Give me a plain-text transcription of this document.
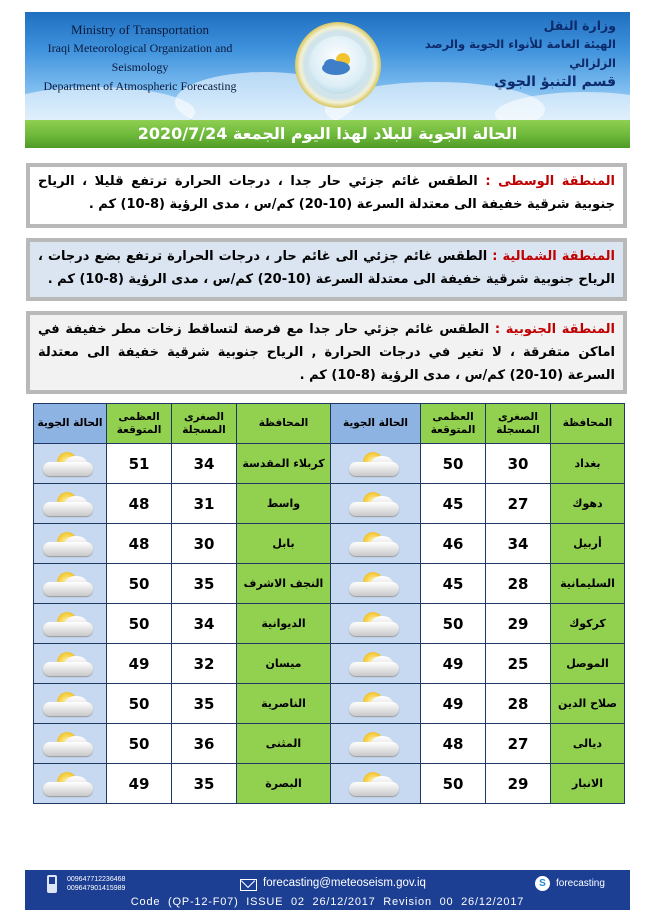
Ministry of Transportation
Iraqi Meteorological Organization and Seismology
Department of Atmospheric Forecasting
وزارة النقل
الهيئة العامة للأنواء الجوية والرصد الزلزالي
قسم التنبؤ الجوي
الحالة الجوية للبلاد لهذا اليوم الجمعة 2020/7/24
المنطقة الوسطى : الطقس غائم جزئي حار جدا ، درجات الحرارة ترتفع قليلا ، الرياح جنوبية شرقية خفيفة الى معتدلة السرعة (10-20) كم/س ، مدى الرؤية (8-10) كم .
المنطقة الشمالية : الطقس غائم جزئي الى غائم حار ، درجات الحرارة ترتفع بضع درجات ، الرياح جنوبية شرقية خفيفة الى معتدلة السرعة (10-20) كم/س ، مدى الرؤية (8-10) كم .
المنطقة الجنوبية : الطقس غائم جزئي حار جدا مع فرصة لتساقط زخات مطر خفيفة في اماكن متفرقة ، لا تغير في درجات الحرارة , الرياح جنوبية شرقية خفيفة الى معتدلة السرعة (10-20) كم/س ، مدى الرؤية (8-10) كم .
المحافظة	الصغرى المسجلة	العظمى المتوقعة	الحالة الجوية	المحافظة	الصغرى المسجلة	العظمى المتوقعة	الحالة الجوية
بغداد	30	50		كربلاء المقدسة	34	51	

دهوك	27	45		واسط	31	48	

أربيل	34	46		بابل	30	48	

السليمانية	28	45		النجف الاشرف	35	50	

كركوك	29	50		الديوانية	34	50	

الموصل	25	49		ميسان	32	49	

صلاح الدين	28	49		الناصرية	35	50	

ديالى	27	48		المثنى	36	50	

الانبار	29	50		البصرة	35	49	
009647712236468
009647901415989	forecasting@meteoseism.gov.iq	S	forecasting
Code  (QP-12-F07)  ISSUE  02  26/12/2017  Revision  00  26/12/2017
